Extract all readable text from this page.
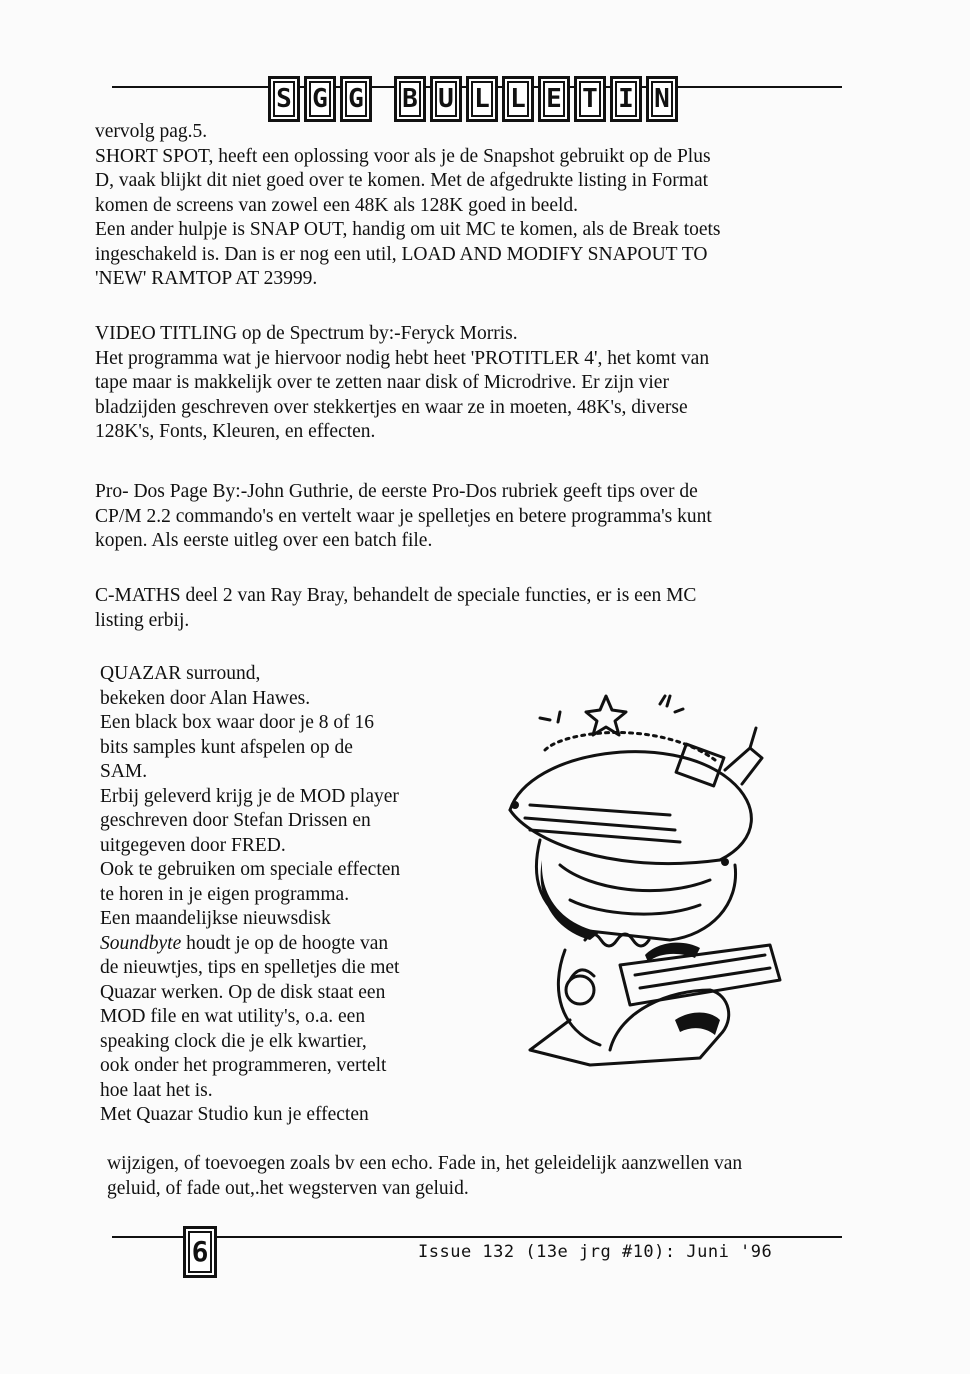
S G G	B U L L E T I N
vervolg pag.5.
SHORT SPOT, heeft een oplossing voor als je de Snapshot gebruikt op de Plus
D, vaak blijkt dit niet goed over te komen. Met de afgedrukte listing in Format
komen de screens van zowel een 48K als 128K goed in beeld.
Een ander hulpje is SNAP OUT, handig om uit MC te komen, als de Break toets
ingeschakeld is. Dan is er nog een util, LOAD AND MODIFY SNAPOUT TO
'NEW' RAMTOP AT 23999.
VIDEO TITLING op de Spectrum by:-Feryck Morris.
Het programma wat je hiervoor nodig hebt heet 'PROTITLER 4', het komt van
tape maar is makkelijk over te zetten naar disk of Microdrive. Er zijn vier
bladzijden geschreven over stekkertjes en waar ze in moeten, 48K's, diverse
128K's, Fonts, Kleuren, en effecten.
Pro- Dos Page By:-John Guthrie, de eerste Pro-Dos rubriek geeft tips over de
CP/M 2.2 commando's en vertelt waar je spelletjes en betere programma's kunt
kopen. Als eerste uitleg over een batch file.
C-MATHS deel 2 van Ray Bray, behandelt de speciale functies, er is een MC
listing erbij.
QUAZAR surround,
bekeken door Alan Hawes.
Een black box waar door je 8 of 16
bits samples kunt afspelen op de
SAM.
Erbij geleverd krijg je de MOD player
geschreven door Stefan Drissen en
uitgegeven door FRED.
Ook te gebruiken om speciale effecten
te horen in je eigen programma.
Een maandelijkse nieuwsdisk
Soundbyte houdt je op de hoogte van
de nieuwtjes, tips en spelletjes die met
Quazar werken. Op de disk staat een
MOD file en wat utility's, o.a. een
speaking clock die je elk kwartier,
ook onder het programmeren, vertelt
hoe laat het is.
Met Quazar Studio kun je effecten
wijzigen, of toevoegen zoals bv een echo. Fade in, het geleidelijk aanzwellen van
geluid, of fade out,.het wegsterven van geluid.
6	Issue 132 (13e jrg #10): Juni '96
